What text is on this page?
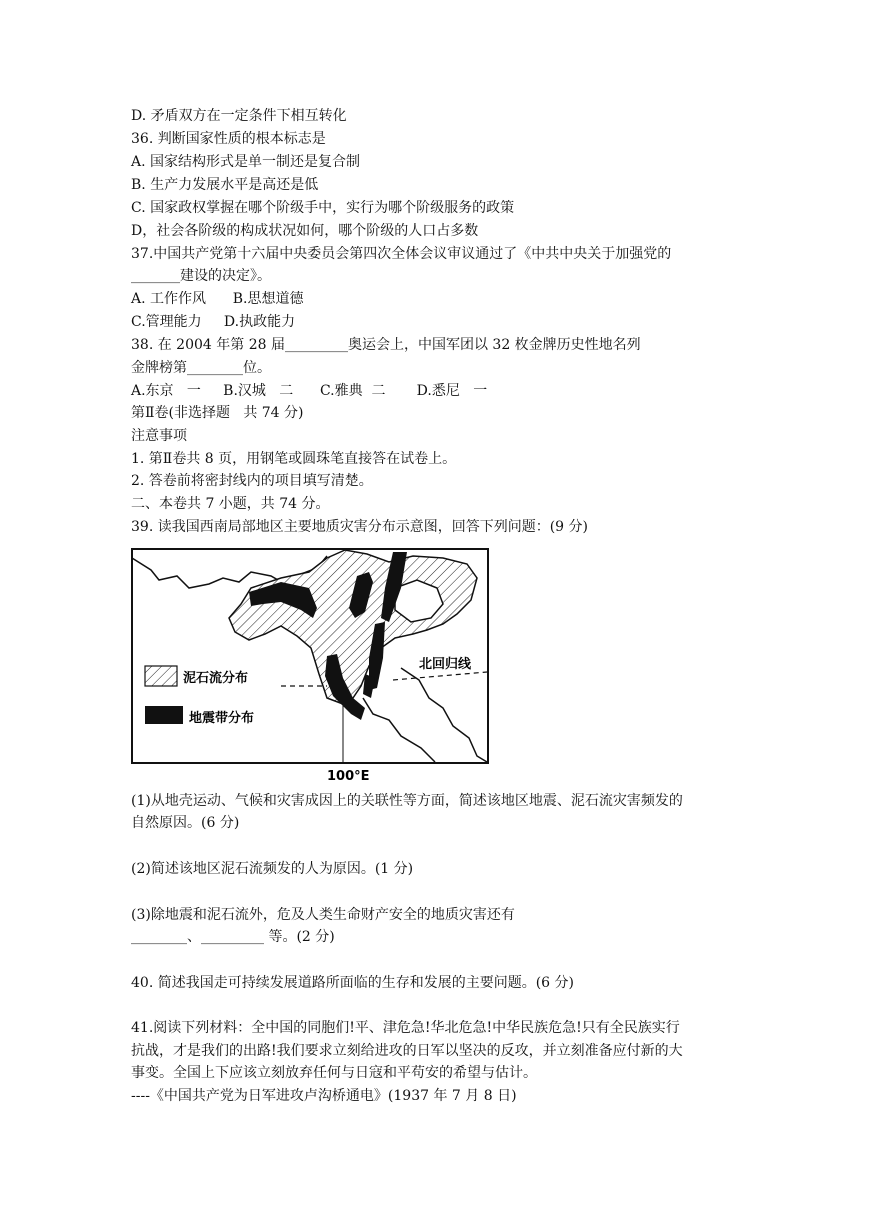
D. 矛盾双方在一定条件下相互转化
36. 判断国家性质的根本标志是
A. 国家结构形式是单一制还是复合制
B. 生产力发展水平是高还是低
C. 国家政权掌握在哪个阶级手中，实行为哪个阶级服务的政策
D，社会各阶级的构成状况如何，哪个阶级的人口占多数
37.中国共产党第十六届中央委员会第四次全体会议审议通过了《中共中央关于加强党的
_______建设的决定》。
A. 工作作风      B.思想道德
C.管理能力     D.执政能力
38. 在 2004 年第 28 届_________奥运会上，中国军团以 32 枚金牌历史性地名列
金牌榜第________位。
A.东京   一     B.汉城   二      C.雅典  二       D.悉尼   一
第Ⅱ卷(非选择题   共 74 分)
注意事项
1. 第Ⅱ卷共 8 页，用钢笔或圆珠笔直接答在试卷上。
2. 答卷前将密封线内的项目填写清楚。
二、本卷共 7 小题，共 74 分。
39. 读我国西南局部地区主要地质灾害分布示意图，回答下列问题：(9 分)
泥石流分布
地震带分布
北回归线
100°E
(1)从地壳运动、气候和灾害成因上的关联性等方面，简述该地区地震、泥石流灾害频发的
自然原因。(6 分)
(2)简述该地区泥石流频发的人为原因。(1 分)
(3)除地震和泥石流外，危及人类生命财产安全的地质灾害还有
________、_________ 等。(2 分)
40. 简述我国走可持续发展道路所面临的生存和发展的主要问题。(6 分)
41.阅读下列材料：全中国的同胞们!平、津危急!华北危急!中华民族危急!只有全民族实行
抗战，才是我们的出路!我们要求立刻给进攻的日军以坚决的反攻，并立刻准备应付新的大
事变。全国上下应该立刻放弃任何与日寇和平苟安的希望与估计。
----《中国共产党为日军进攻卢沟桥通电》(1937 年 7 月 8 日)
